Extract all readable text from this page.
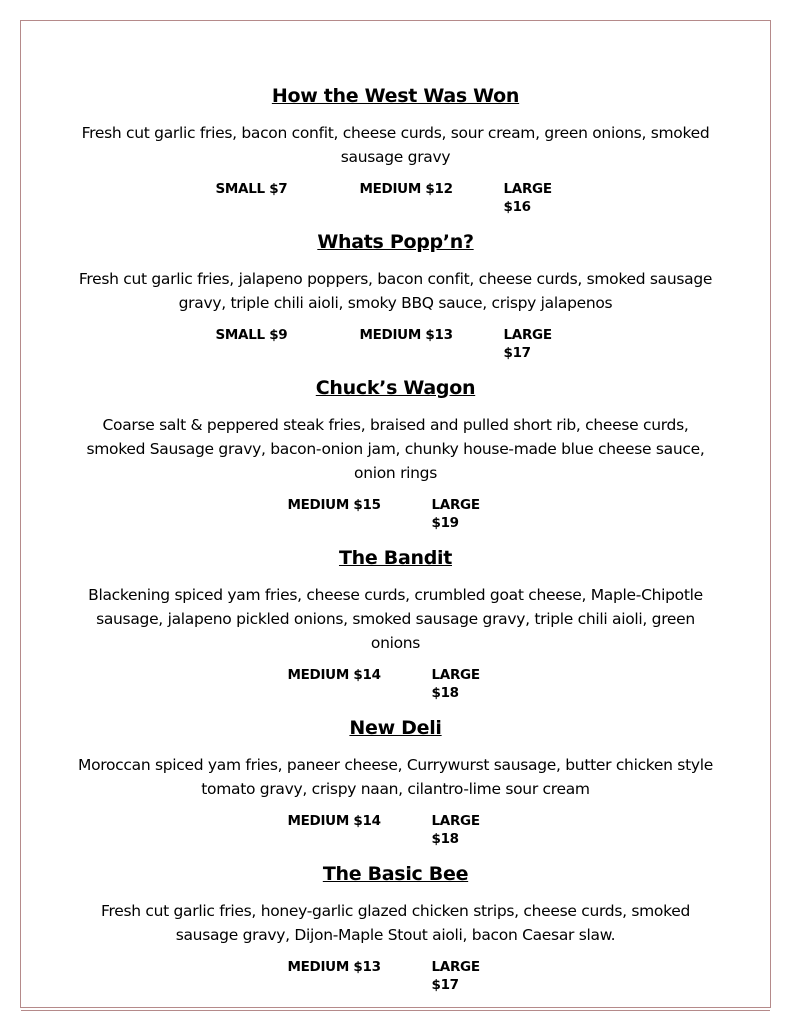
How the West Was Won
Fresh cut garlic fries, bacon confit, cheese curds, sour cream, green onions, smoked sausage gravy
SMALL $7	MEDIUM $12	LARGE $16
Whats Popp’n?
Fresh cut garlic fries, jalapeno poppers, bacon confit, cheese curds, smoked sausage gravy, triple chili aioli, smoky BBQ sauce, crispy jalapenos
SMALL $9	MEDIUM $13	LARGE $17
Chuck’s Wagon
Coarse salt & peppered steak fries, braised and pulled short rib, cheese curds, smoked Sausage gravy, bacon-onion jam, chunky house-made blue cheese sauce, onion rings
MEDIUM $15	LARGE $19
The Bandit
Blackening spiced yam fries, cheese curds, crumbled goat cheese, Maple-Chipotle sausage, jalapeno pickled onions, smoked sausage gravy, triple chili aioli, green onions
MEDIUM $14	LARGE $18
New Deli
Moroccan spiced yam fries, paneer cheese, Currywurst sausage, butter chicken style tomato gravy, crispy naan, cilantro-lime sour cream
MEDIUM $14	LARGE $18
The Basic Bee
Fresh cut garlic fries, honey-garlic glazed chicken strips, cheese curds, smoked sausage gravy, Dijon-Maple Stout aioli, bacon Caesar slaw.
MEDIUM $13	LARGE $17
